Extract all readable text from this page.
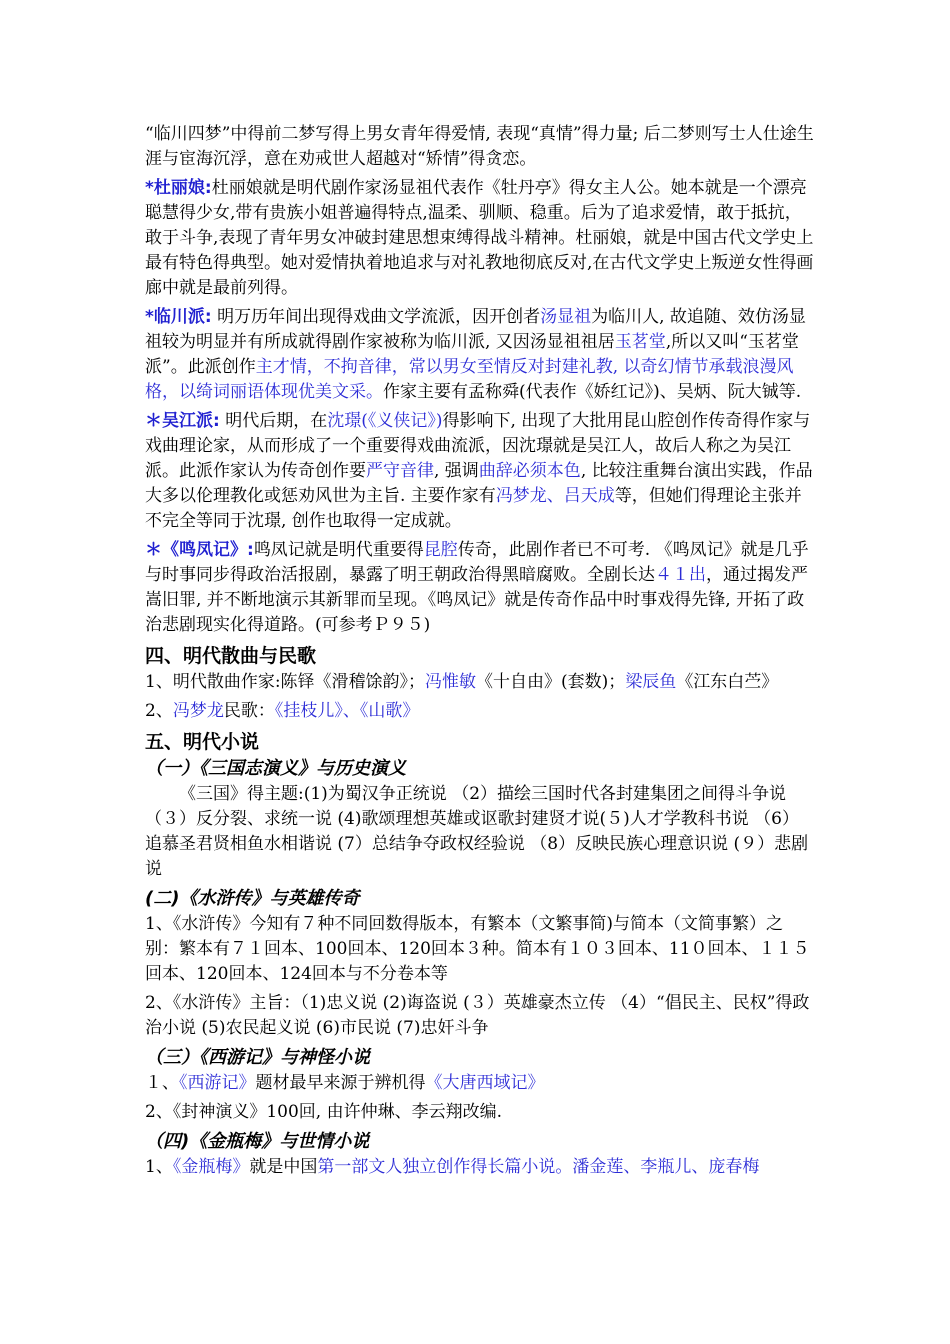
“临川四梦”中得前二梦写得上男女青年得爱情, 表现“真情”得力量; 后二梦则写士人仕途生涯与宦海沉浮，意在劝戒世人超越对“矫情”得贪恋。

*杜丽娘:杜丽娘就是明代剧作家汤显祖代表作《牡丹亭》得女主人公。她本就是一个漂亮聪慧得少女,带有贵族小姐普遍得特点,温柔、驯顺、稳重。后为了追求爱情，敢于抵抗，敢于斗争,表现了青年男女冲破封建思想束缚得战斗精神。杜丽娘，就是中国古代文学史上最有特色得典型。她对爱情执着地追求与对礼教地彻底反对,在古代文学史上叛逆女性得画廊中就是最前列得。

*临川派: 明万历年间出现得戏曲文学流派，因开创者汤显祖为临川人, 故追随、效仿汤显祖较为明显并有所成就得剧作家被称为临川派, 又因汤显祖祖居玉茗堂,所以又叫“玉茗堂派”。此派创作主才情，不拘音律，常以男女至情反对封建礼教, 以奇幻情节承载浪漫风格，以绮词丽语体现优美文采。作家主要有孟称舜(代表作《娇红记》)、吴炳、阮大铖等.

＊吴江派: 明代后期，在沈璟(《义侠记》)得影响下, 出现了大批用昆山腔创作传奇得作家与戏曲理论家，从而形成了一个重要得戏曲流派，因沈璟就是吴江人，故后人称之为吴江派。此派作家认为传奇创作要严守音律, 强调曲辞必须本色, 比较注重舞台演出实践，作品大多以伦理教化或惩劝风世为主旨. 主要作家有冯梦龙、吕天成等，但她们得理论主张并不完全等同于沈璟, 创作也取得一定成就。

＊《鸣凤记》:鸣凤记就是明代重要得昆腔传奇，此剧作者已不可考. 《鸣凤记》就是几乎与时事同步得政治活报剧，暴露了明王朝政治得黑暗腐败。全剧长达４１出，通过揭发严嵩旧罪, 并不断地演示其新罪而呈现。《鸣凤记》就是传奇作品中时事戏得先锋, 开拓了政治悲剧现实化得道路。(可参考Ｐ９５)

四、明代散曲与民歌

1、明代散曲作家:陈铎《滑稽馀韵》；冯惟敏《十自由》(套数)；梁辰鱼《江东白苎》

2、冯梦龙民歌：《挂枝儿》、《山歌》

五、明代小说
（一）《三国志演义》与历史演义

《三国》得主题:(1)为蜀汉争正统说 （2）描绘三国时代各封建集团之间得斗争说 （３）反分裂、求统一说 (4)歌颂理想英雄或讴歌封建贤才说(５)人才学教科书说 （6）追慕圣君贤相鱼水相谐说 (7）总结争夺政权经验说 （8）反映民族心理意识说 (９）悲剧说

(二)《水浒传》与英雄传奇

1、《水浒传》今知有７种不同回数得版本，有繁本（文繁事简)与简本（文简事繁）之别：繁本有７１回本、100回本、120回本３种。简本有１０３回本、11０回本、１１５回本、120回本、124回本与不分卷本等

2、《水浒传》主旨：（1)忠义说 (2)诲盗说 (３）英雄豪杰立传 （4）“倡民主、民权”得政治小说 (5)农民起义说 (6)市民说 (7)忠奸斗争

（三）《西游记》与神怪小说

１、《西游记》题材最早来源于辨机得《大唐西域记》

2、《封神演义》100回, 由许仲琳、李云翔改编.

（四)《金瓶梅》与世情小说

1、《金瓶梅》就是中国第一部文人独立创作得长篇小说。潘金莲、李瓶儿、庞春梅
